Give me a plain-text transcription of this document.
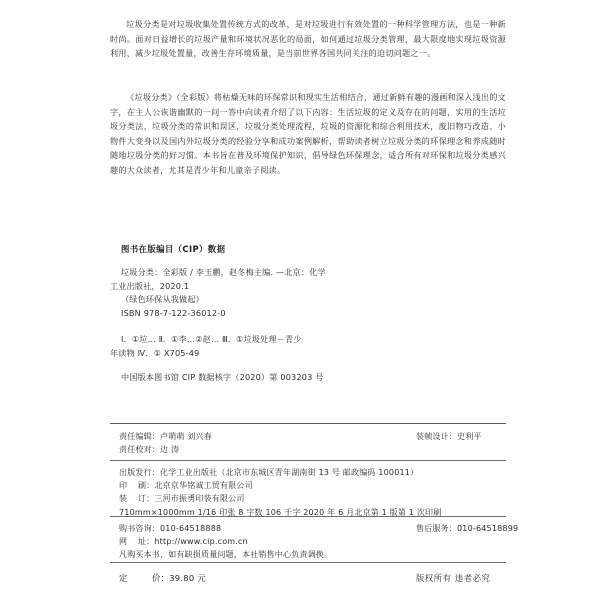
垃圾分类是对垃圾收集处置传统方式的改革，是对垃圾进行有效处置的一种科学管理方法，也是一种新时尚。面对日益增长的垃圾产量和环境状况恶化的局面，如何通过垃圾分类管理，最大限度地实现垃圾资源利用，减少垃圾处置量，改善生存环境质量，是当前世界各国共同关注的迫切问题之一。

《垃圾分类》（全彩版）将枯燥无味的环保常识和现实生活相结合，通过新鲜有趣的漫画和深入浅出的文字，在主人公诙谐幽默的一问一答中向读者介绍了以下内容：生活垃圾的定义及存在的问题，实用的生活垃圾分类法，垃圾分类的常识和误区，垃圾分类处理流程，垃圾的资源化和综合利用技术，废旧物巧改造、小物件大变身以及国内外垃圾分类的经验分享和成功案例解析，帮助读者树立垃圾分类的环保理念和养成随时随地垃圾分类的好习惯。本书旨在普及环境保护知识，倡导绿色环保理念，适合所有对环保和垃圾分类感兴趣的大众读者，尤其是青少年和儿童亲子阅读。

图书在版编目（CIP）数据
垃圾分类：全彩版 / 李玉鹏，赵冬梅主编. —北京：化学
工业出版社，2020.1
（绿色环保从我做起）
ISBN 978-7-122-36012-0
Ⅰ．①垃… Ⅱ．①李…②赵… Ⅲ．①垃圾处理－青少
年读物 Ⅳ．① X705-49
中国版本图书馆 CIP 数据核字（2020）第 003203 号
责任编辑：卢萌萌 刘兴春	装帧设计：史利平
责任校对：边 涛
出版发行：化学工业出版社（北京市东城区青年湖南街 13 号 邮政编码 100011）
印刷：北京京华铭诚工贸有限公司
装订：三河市振勇印装有限公司
710mm×1000mm 1/16 印张 8 字数 106 千字 2020 年 6 月北京第 1 版第 1 次印刷
购书咨询：010-64518888	售后服务：010-64518899
网址：http://www.cip.com.cn
凡购买本书，如有缺损质量问题，本社销售中心负责调换。
定 价：39.80 元	版权所有 违者必究
